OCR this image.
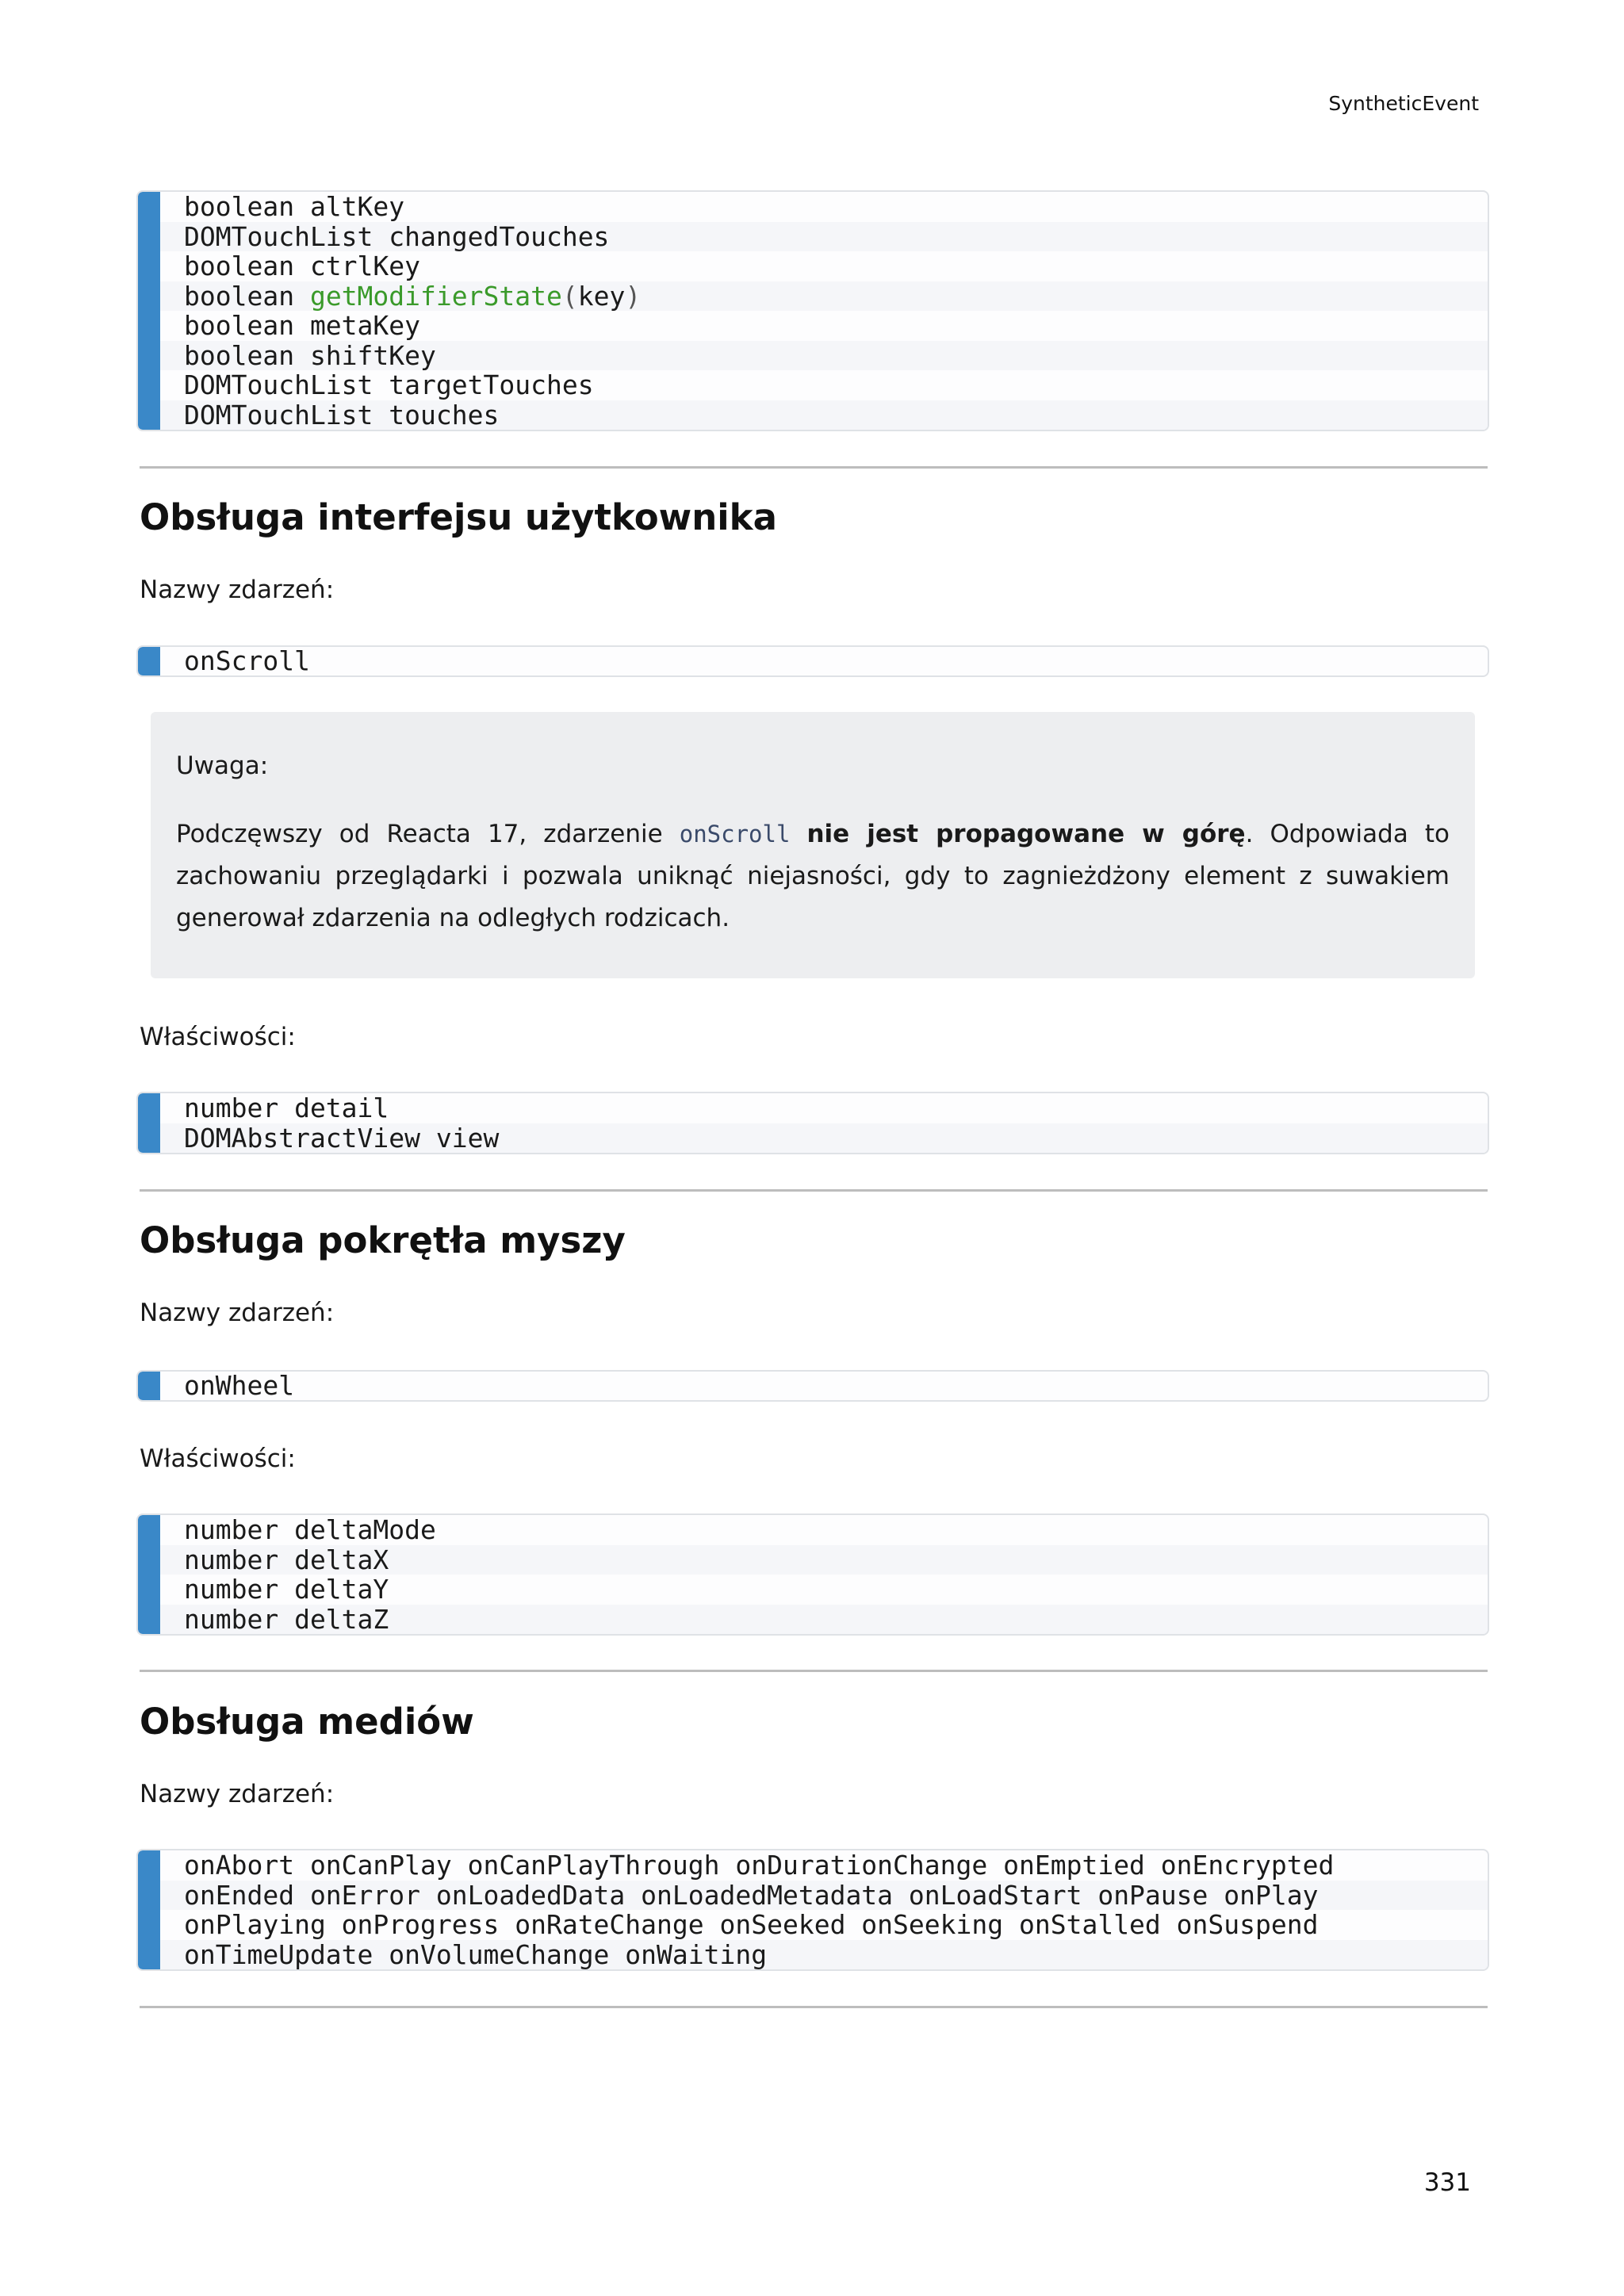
SyntheticEvent
boolean altKey
DOMTouchList changedTouches
boolean ctrlKey
boolean getModifierState(key)
boolean metaKey
boolean shiftKey
DOMTouchList targetTouches
DOMTouchList touches
Obsługa interfejsu użytkownika
Nazwy zdarzeń:
onScroll
Uwaga:
Podczęwszy od Reacta 17, zdarzenie onScroll nie jest propagowane w górę. Odpowiada to zachowaniu przeglądarki i pozwala uniknąć niejasności, gdy to zagnieżdżony element z suwakiem generował zdarzenia na odległych rodzicach.
Właściwości:
number detail
DOMAbstractView view
Obsługa pokrętła myszy
Nazwy zdarzeń:
onWheel
Właściwości:
number deltaMode
number deltaX
number deltaY
number deltaZ
Obsługa mediów
Nazwy zdarzeń:
onAbort onCanPlay onCanPlayThrough onDurationChange onEmptied onEncrypted
onEnded onError onLoadedData onLoadedMetadata onLoadStart onPause onPlay
onPlaying onProgress onRateChange onSeeked onSeeking onStalled onSuspend
onTimeUpdate onVolumeChange onWaiting
331
